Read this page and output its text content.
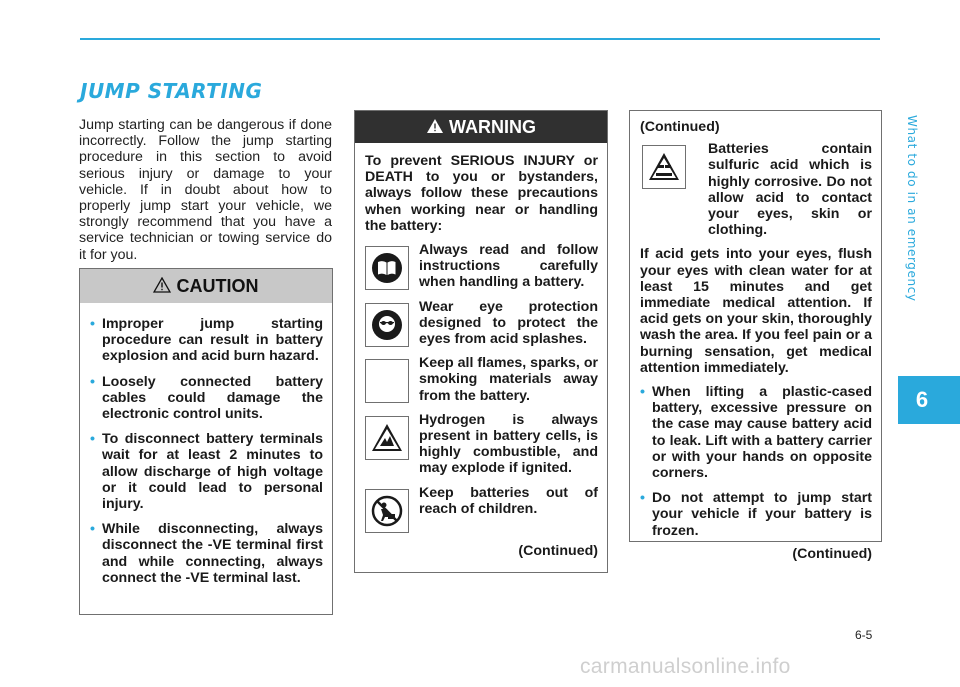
JUMP STARTING
Jump starting can be dangerous if done incorrectly. Follow the jump starting procedure in this section to avoid serious injury or damage to your vehicle. If in doubt about how to properly jump start your vehicle, we strongly recommend that you have a service technician or towing service do it for you.
CAUTION
• Improper jump starting procedure can result in battery explosion and acid burn hazard.
• Loosely connected battery cables could damage the electronic control units.
• To disconnect battery terminals wait for at least 2 minutes to allow discharge of high voltage or it could lead to personal injury.
• While disconnecting, always disconnect the -VE terminal first and while connecting, always connect the -VE terminal last.
WARNING
To prevent SERIOUS INJURY or DEATH to you or bystanders, always follow these precautions when working near or handling the battery:
Always read and follow instructions carefully when handling a battery.
Wear eye protection designed to protect the eyes from acid splashes.
Keep all flames, sparks, or smoking materials away from the battery.
Hydrogen is always present in battery cells, is highly combustible, and may explode if ignited.
Keep batteries out of reach of children.
(Continued)
(Continued)
Batteries contain sulfuric acid which is highly corrosive. Do not allow acid to contact your eyes, skin or clothing.
If acid gets into your eyes, flush your eyes with clean water for at least 15 minutes and get immediate medical attention. If acid gets on your skin, thoroughly wash the area. If you feel pain or a burning sensation, get medical attention immediately.
• When lifting a plastic-cased battery, excessive pressure on the case may cause battery acid to leak. Lift with a battery carrier or with your hands on opposite corners.
• Do not attempt to jump start your vehicle if your battery is frozen.
(Continued)
What to do in an emergency
6
6-5
carmanualsonline.info
